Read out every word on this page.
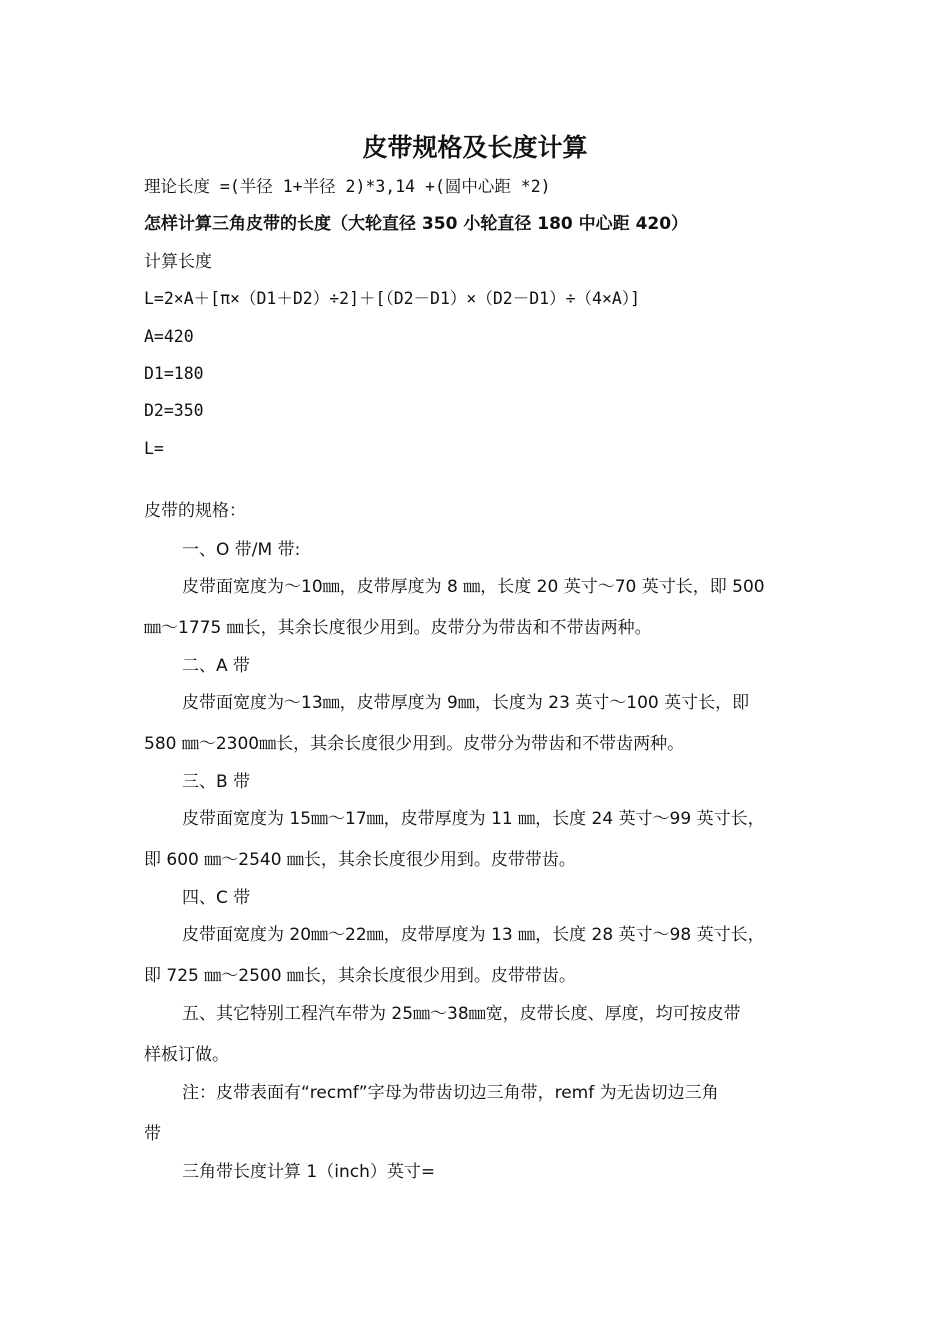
皮带规格及长度计算
理论长度 =(半径 1+半径 2)*3,14 +(圆中心距 *2)
怎样计算三角皮带的长度（大轮直径 350 小轮直径 180 中心距 420）
计算长度
L=2×A＋[π×（D1＋D2）÷2]＋[（D2－D1）×（D2－D1）÷（4×A）]
A=420
D1=180
D2=350
L=
皮带的规格：
一、O 带/M 带:
皮带面宽度为～10㎜，皮带厚度为 8 ㎜，长度 20 英寸～70 英寸长，即 500
㎜～1775 ㎜长，其余长度很少用到。皮带分为带齿和不带齿两种。
二、A 带
皮带面宽度为～13㎜，皮带厚度为 9㎜，长度为 23 英寸～100 英寸长，即
580 ㎜～2300㎜长，其余长度很少用到。皮带分为带齿和不带齿两种。
三、B 带
皮带面宽度为 15㎜～17㎜，皮带厚度为 11 ㎜，长度 24 英寸～99 英寸长，
即 600 ㎜～2540 ㎜长，其余长度很少用到。皮带带齿。
四、C 带
皮带面宽度为 20㎜～22㎜，皮带厚度为 13 ㎜，长度 28 英寸～98 英寸长，
即 725 ㎜～2500 ㎜长，其余长度很少用到。皮带带齿。
五、其它特别工程汽车带为 25㎜～38㎜宽，皮带长度、厚度，均可按皮带
样板订做。
注：皮带表面有“recmf”字母为带齿切边三角带，remf 为无齿切边三角
带
三角带长度计算 1（inch）英寸=
